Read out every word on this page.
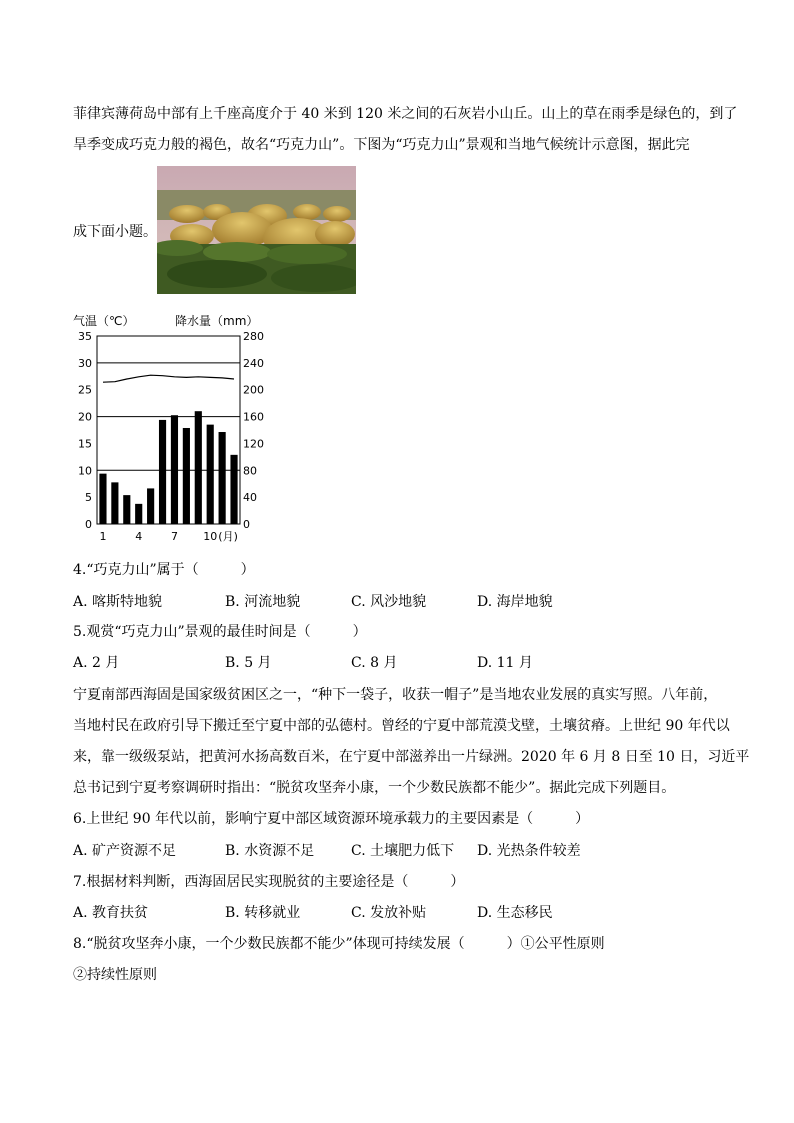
菲律宾薄荷岛中部有上千座高度介于 40 米到 120 米之间的石灰岩小山丘。山上的草在雨季是绿色的，到了
旱季变成巧克力般的褐色，故名“巧克力山”。下图为“巧克力山”景观和当地气候统计示意图，据此完
成下面小题。
气温（℃）	降水量（mm）
0
5
10
15
20
25
30
35
0
40
80
120
160
200
240
280
1	4	7 10 (月)
4.“巧克力山”属于（　　　）
A. 喀斯特地貌	B. 河流地貌	C. 风沙地貌	D. 海岸地貌
5.观赏“巧克力山”景观的最佳时间是（　　　）
A. 2 月	B. 5 月	C. 8 月	D. 11 月
宁夏南部西海固是国家级贫困区之一，“种下一袋子，收获一帽子”是当地农业发展的真实写照。八年前，
当地村民在政府引导下搬迁至宁夏中部的弘德村。曾经的宁夏中部荒漠戈壁，土壤贫瘠。上世纪 90 年代以
来，靠一级级泵站，把黄河水扬高数百米，在宁夏中部滋养出一片绿洲。2020 年 6 月 8 日至 10 日，习近平
总书记到宁夏考察调研时指出：“脱贫攻坚奔小康，一个少数民族都不能少”。据此完成下列题目。
6.上世纪 90 年代以前，影响宁夏中部区域资源环境承载力的主要因素是（　　　）
A. 矿产资源不足	B. 水资源不足	C. 土壤肥力低下 D. 光热条件较差
7.根据材料判断，西海固居民实现脱贫的主要途径是（　　　）
A. 教育扶贫	B. 转移就业	C. 发放补贴	D. 生态移民
8.“脱贫攻坚奔小康，一个少数民族都不能少”体现可持续发展（　　　）①公平性原则
②持续性原则
